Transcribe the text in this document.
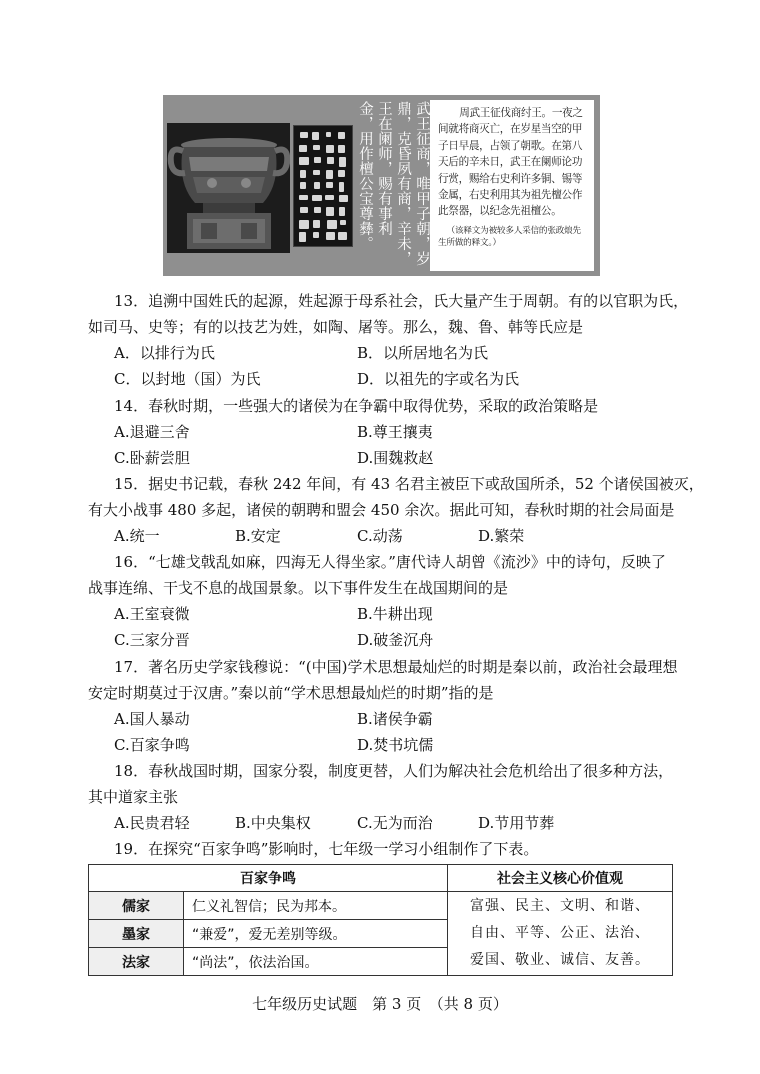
武王征商，唯甲子朝，岁
鼎，克昏夙有商，辛未，
王在阑师，赐有事利
金，用作檀公宝尊彝。	周武王征伐商纣王。一夜之间就将商灭亡，在岁星当空的甲子日早晨，占领了朝歌。在第八天后的辛未日，武王在阑师论功行赏，赐给右史利许多铜、锡等金属，右史利用其为祖先檀公作此祭器，以纪念先祖檀公。
（该释文为被较多人采信的张政烺先生所做的释文。）
13．追溯中国姓氏的起源，姓起源于母系社会，氏大量产生于周朝。有的以官职为氏，
如司马、史等；有的以技艺为姓，如陶、屠等。那么，魏、鲁、韩等氏应是
A．以排行为氏	B．以所居地名为氏
C．以封地（国）为氏	D．以祖先的字或名为氏
14．春秋时期，一些强大的诸侯为在争霸中取得优势，采取的政治策略是
A.退避三舍	B.尊王攘夷
C.卧薪尝胆	D.围魏救赵
15．据史书记载，春秋 242 年间，有 43 名君主被臣下或敌国所杀，52 个诸侯国被灭，
有大小战事 480 多起，诸侯的朝聘和盟会 450 余次。据此可知，春秋时期的社会局面是
A.统一	B.安定	C.动荡	D.繁荣
16．“七雄戈戟乱如麻，四海无人得坐家。”唐代诗人胡曾《流沙》中的诗句，反映了
战事连绵、干戈不息的战国景象。以下事件发生在战国期间的是
A.王室衰微	B.牛耕出现
C.三家分晋	D.破釜沉舟
17．著名历史学家钱穆说：“(中国)学术思想最灿烂的时期是秦以前，政治社会最理想
安定时期莫过于汉唐。”秦以前“学术思想最灿烂的时期”指的是
A.国人暴动	B.诸侯争霸
C.百家争鸣	D.焚书坑儒
18．春秋战国时期，国家分裂，制度更替，人们为解决社会危机给出了很多种方法，
其中道家主张
A.民贵君轻	B.中央集权	C.无为而治	D.节用节葬
19．在探究“百家争鸣”影响时，七年级一学习小组制作了下表。
百家争鸣		社会主义核心价值观
儒家	仁义礼智信；民为邦本。	富强、民主、文明、和谐、
自由、平等、公正、法治、
爱国、敬业、诚信、友善。

墨家	“兼爱”，爱无差别等级。	
法家	“尚法”，依法治国。	
七年级历史试题　第 3 页　（共 8 页）
